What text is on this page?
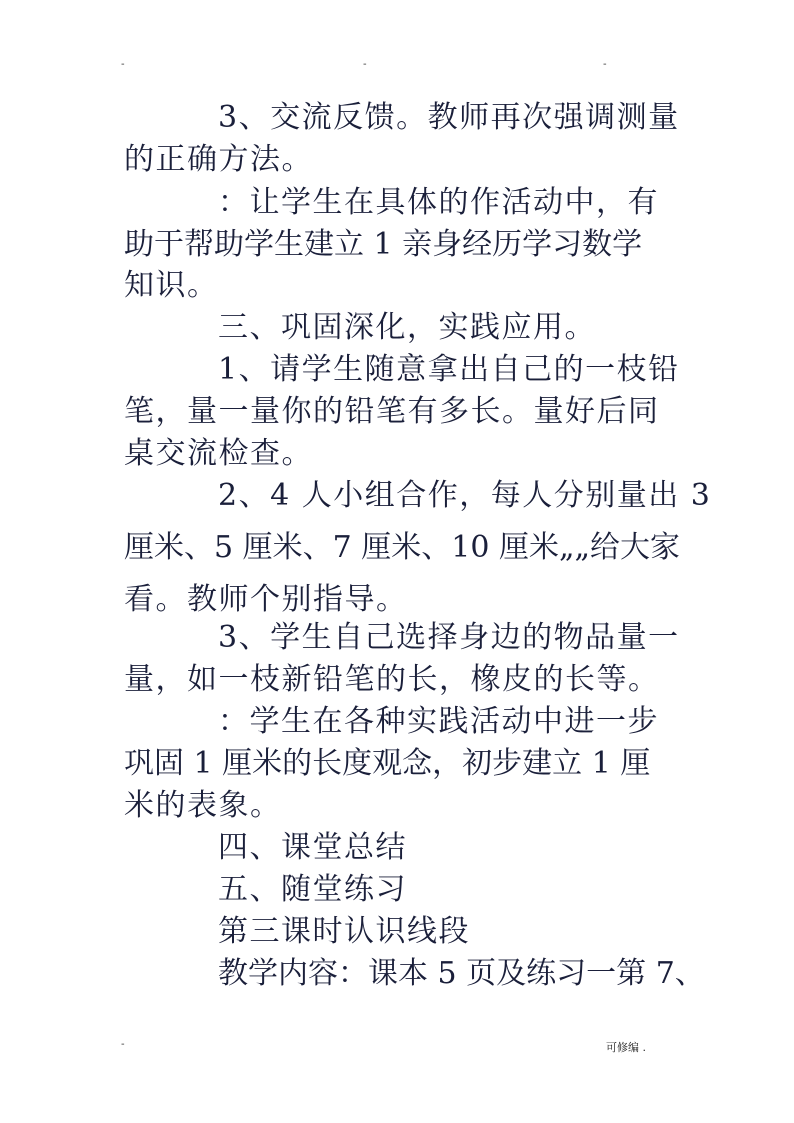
-	-	-
3、交流反馈。教师再次强调测量
的正确方法。
：让学生在具体的作活动中，有
助于帮助学生建立 1 亲身经历学习数学
知识。
三、巩固深化，实践应用。
1、请学生随意拿出自己的一枝铅
笔，量一量你的铅笔有多长。量好后同
桌交流检查。
2、4 人小组合作，每人分别量出 3
厘米、5 厘米、7 厘米、10 厘米„„给大家
看。教师个别指导。
3、学生自己选择身边的物品量一
量，如一枝新铅笔的长，橡皮的长等。
：学生在各种实践活动中进一步
巩固 1 厘米的长度观念，初步建立 1 厘
米的表象。
四、课堂总结
五、随堂练习
第三课时认识线段
教学内容：课本 5 页及练习一第 7、
-	可修编 .
